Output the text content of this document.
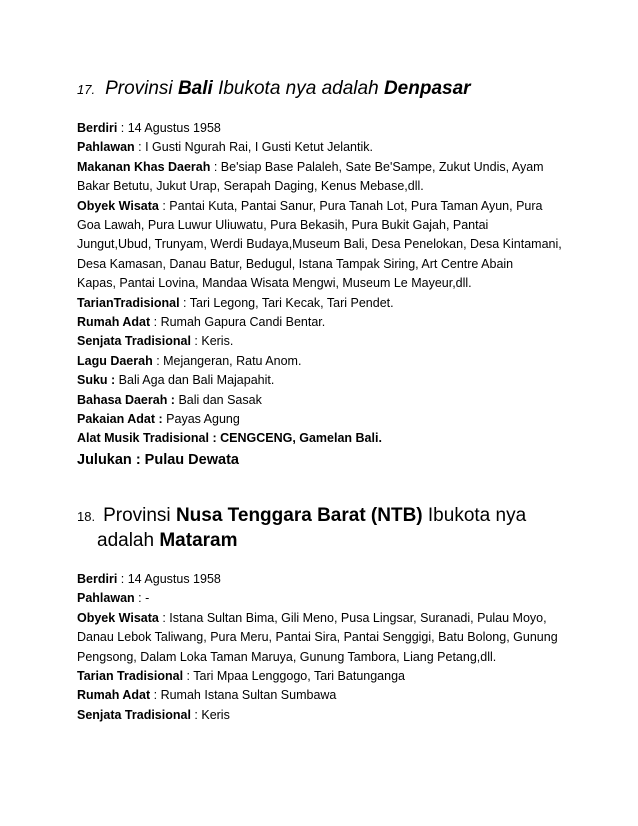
17. Provinsi Bali Ibukota nya adalah Denpasar
Berdiri : 14 Agustus 1958
Pahlawan : I Gusti Ngurah Rai, I Gusti Ketut Jelantik.
Makanan Khas Daerah : Be'siap Base Palaleh, Sate Be'Sampe, Zukut Undis, Ayam
Bakar Betutu, Jukut Urap, Serapah Daging, Kenus Mebase,dll.
Obyek Wisata : Pantai Kuta, Pantai Sanur, Pura Tanah Lot, Pura Taman Ayun, Pura
Goa Lawah, Pura Luwur Uliuwatu, Pura Bekasih, Pura Bukit Gajah, Pantai
Jungut,Ubud, Trunyam, Werdi Budaya,Museum Bali, Desa Penelokan, Desa Kintamani,
Desa Kamasan, Danau Batur, Bedugul, Istana Tampak Siring, Art Centre Abain
Kapas, Pantai Lovina, Mandaa Wisata Mengwi, Museum Le Mayeur,dll.
TarianTradisional : Tari Legong, Tari Kecak, Tari Pendet.
Rumah Adat : Rumah Gapura Candi Bentar.
Senjata Tradisional : Keris.
Lagu Daerah : Mejangeran, Ratu Anom.
Suku : Bali Aga dan Bali Majapahit.
Bahasa Daerah : Bali dan Sasak
Pakaian Adat : Payas Agung
Alat Musik Tradisional : CENGCENG, Gamelan Bali.
Julukan : Pulau Dewata
18. Provinsi Nusa Tenggara Barat (NTB) Ibukota nya
adalah Mataram
Berdiri : 14 Agustus 1958
Pahlawan : -
Obyek Wisata : Istana Sultan Bima, Gili Meno, Pusa Lingsar, Suranadi, Pulau Moyo,
Danau Lebok Taliwang, Pura Meru, Pantai Sira, Pantai Senggigi, Batu Bolong, Gunung
Pengsong, Dalam Loka Taman Maruya, Gunung Tambora, Liang Petang,dll.
Tarian Tradisional : Tari Mpaa Lenggogo, Tari Batunganga
Rumah Adat : Rumah Istana Sultan Sumbawa
Senjata Tradisional : Keris
